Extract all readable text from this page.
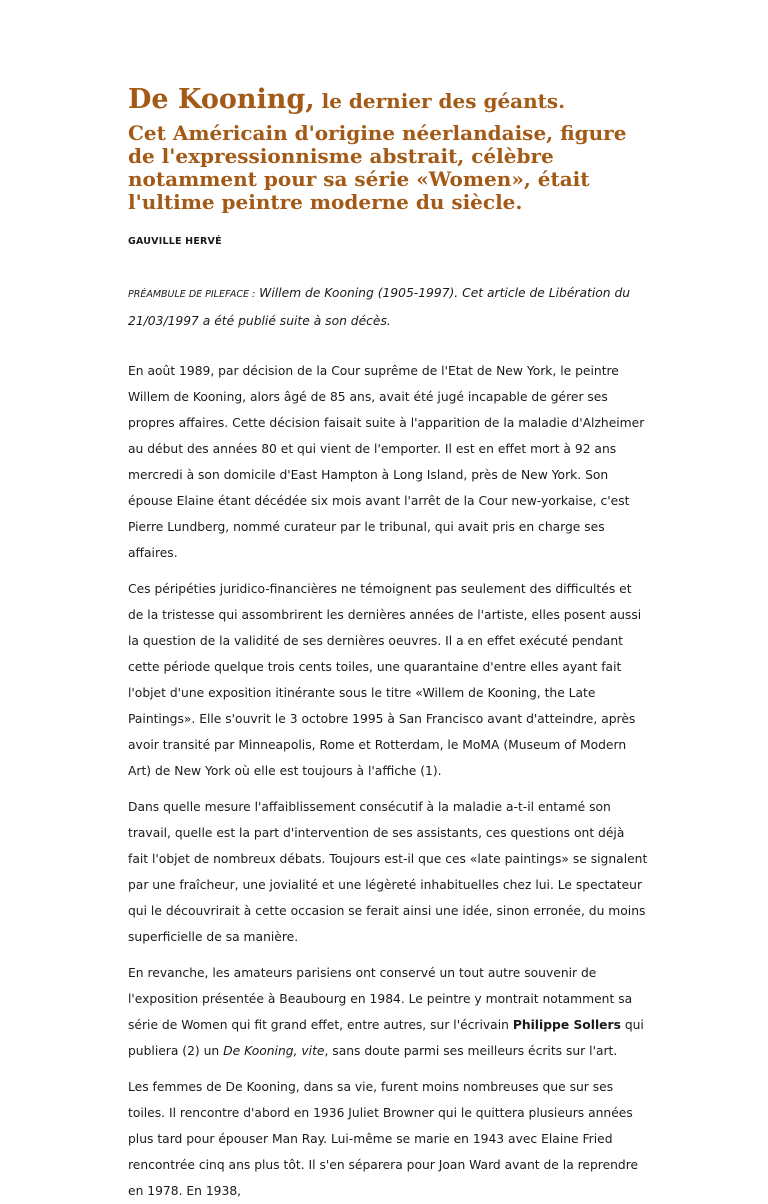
De Kooning, le dernier des géants.
Cet Américain d'origine néerlandaise, figure de l'expressionnisme abstrait, célèbre notamment pour sa série «Women», était l'ultime peintre moderne du siècle.
GAUVILLE HERVÉ

PRÉAMBULE DE PILEFACE : Willem de Kooning (1905-1997). Cet article de Libération du 21/03/1997 a été publié suite à son décès.

En août 1989, par décision de la Cour suprême de l'Etat de New York, le peintre Willem de Kooning, alors âgé de 85 ans, avait été jugé incapable de gérer ses propres affaires. Cette décision faisait suite à l'apparition de la maladie d'Alzheimer au début des années 80 et qui vient de l'emporter. Il est en effet mort à 92 ans mercredi à son domicile d'East Hampton à Long Island, près de New York. Son épouse Elaine étant décédée six mois avant l'arrêt de la Cour new-yorkaise, c'est Pierre Lundberg, nommé curateur par le tribunal, qui avait pris en charge ses affaires.

Ces péripéties juridico-financières ne témoignent pas seulement des difficultés et de la tristesse qui assombrirent les dernières années de l'artiste, elles posent aussi la question de la validité de ses dernières oeuvres. Il a en effet exécuté pendant cette période quelque trois cents toiles, une quarantaine d'entre elles ayant fait l'objet d'une exposition itinérante sous le titre «Willem de Kooning, the Late Paintings». Elle s'ouvrit le 3 octobre 1995 à San Francisco avant d'atteindre, après avoir transité par Minneapolis, Rome et Rotterdam, le MoMA (Museum of Modern Art) de New York où elle est toujours à l'affiche (1).

Dans quelle mesure l'affaiblissement consécutif à la maladie a-t-il entamé son travail, quelle est la part d'intervention de ses assistants, ces questions ont déjà fait l'objet de nombreux débats. Toujours est-il que ces «late paintings» se signalent par une fraîcheur, une jovialité et une légèreté inhabituelles chez lui. Le spectateur qui le découvrirait à cette occasion se ferait ainsi une idée, sinon erronée, du moins superficielle de sa manière.

En revanche, les amateurs parisiens ont conservé un tout autre souvenir de l'exposition présentée à Beaubourg en 1984. Le peintre y montrait notamment sa série de Women qui fit grand effet, entre autres, sur l'écrivain Philippe Sollers qui publiera (2) un De Kooning, vite, sans doute parmi ses meilleurs écrits sur l'art.

Les femmes de De Kooning, dans sa vie, furent moins nombreuses que sur ses toiles. Il rencontre d'abord en 1936 Juliet Browner qui le quittera plusieurs années plus tard pour épouser Man Ray. Lui-même se marie en 1943 avec Elaine Fried rencontrée cinq ans plus tôt. Il s'en séparera pour Joan Ward avant de la reprendre en 1978. En 1938,
